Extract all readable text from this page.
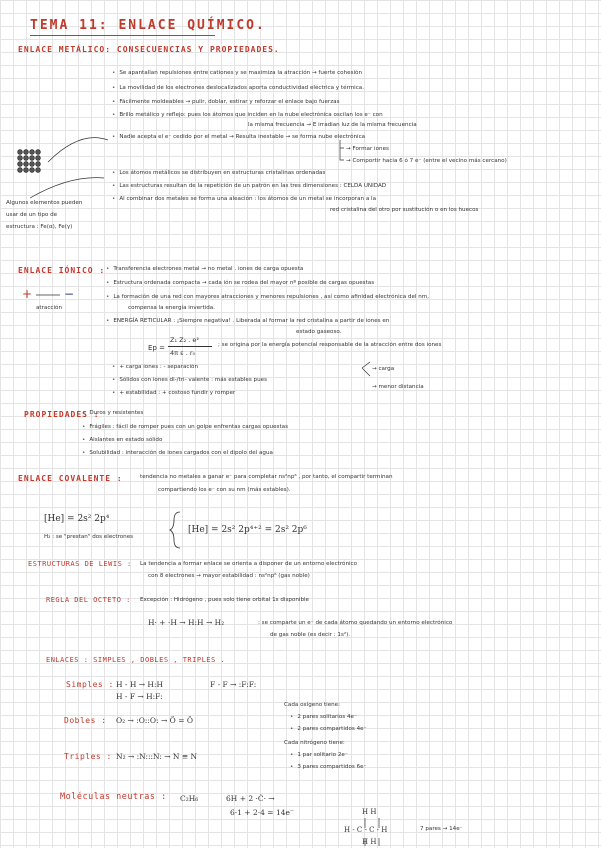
TEMA 11: ENLACE QUÍMICO.
ENLACE METÁLICO: CONSECUENCIAS Y PROPIEDADES.
• Se apantallan repulsiones entre cationes y se maximiza la atracción → fuerte cohesión
• La movilidad de los electrones deslocalizados aporta conductividad eléctrica y térmica.
• Fácilmente moldeables → pulir, doblar, estirar y reforzar el enlace bajo fuerzas
• Brillo metálico y reflejo: pues los átomos que inciden en la nube electrónica oscilan los e⁻ con
la misma frecuencia → E irradian luz de la misma frecuencia
• Nadie acepta el e⁻ cedido por el metal → Resulta inestable → se forma nube electrónica
→ Formar iones
→ Comportir hacia 6 ó 7 e⁻ (entre el vecino más cercano)
• Los átomos metálicos se distribuyen en estructuras cristalinas ordenadas
• Las estructuras resultan de la repetición de un patrón en las tres dimensiones : CELDA UNIDAD
• Al combinar dos metales se forma una aleación : los átomos de un metal se incorporan a la
red cristalina del otro por sustitución o en los huecos
Algunos elementos pueden
usar de un tipo de
estructura : Fe(α), Fe(γ)
+	−
ENLACE IÓNICO :
atracción
• Transferencia electrones metal → no metal . iones de carga opuesta
• Estructura ordenada compacta → cada ión se rodea del mayor nº posible de cargas opuestas
• La formación de una red con mayores atracciones y menores repulsiones , así como afinidad electrónica del nm,
compensa la energía invertida.
• ENERGÍA RETICULAR : ¡Siempre negativa! . Liberada al formar la red cristalina a partir de iones en
estado gaseoso.
Ep =
Z₁ Z₂ . e²
4π ε . r₀
; se origina por la energía potencial responsable de la atracción entre dos iones
• + carga iones : - separación
• Sólidos con iones di-/tri- valente : más estables pues
• + estabilidad : + costoso fundir y romper
→ carga
→ menor distancia
PROPIEDADES :
• Duros y resistentes
• Frágiles : fácil de romper pues con un golpe enfrentas cargas opuestas
• Aislantes en estado sólido
• Solubilidad : interacción de iones cargados con el dipolo del agua
ENLACE COVALENTE :	tendencia no metales a ganar e⁻ para completar ns²np⁶ , por tanto, el compartir terminan
compartiendo los e⁻ con su nm (más estables).
[He] = 2s² 2p⁴
H₂ : se "prestan" dos electrones
[He] = 2s² 2p⁴⁺² = 2s² 2p⁶
ESTRUCTURAS DE LEWIS : La tendencia a formar enlace se orienta a disponer de un entorno electrónico
con 8 electrones → mayor estabilidad : ns²np⁶ (gas noble)
REGLA DEL OCTETO : Excepción : Hidrógeno , pues solo tiene orbital 1s disponible
H· + ·H → H:H → H₂	: se comparte un e⁻ de cada átomo quedando un entorno electrónico
de gas noble (es decir : 1s²).
ENLACES : SIMPLES , DOBLES , TRIPLES .
Simples : H - H → H:H
H - F → H:F:
F - F → :F:F:
Dobles : O₂ → :O::O: → Ö = Ö
Cada oxígeno tiene:
• 2 pares solitarios 4e⁻
• 2 pares compartidos 4e⁻
Triples : N₂ → :N:::N: → N ≡ N
Cada nitrógeno tiene:
• 1 par solitario 2e⁻
• 3 pares compartidos 6e⁻
Moléculas neutras : C₂H₆	6H + 2 ·Ċ· →
6·1 + 2·4 = 14e⁻	H H
H - C - C - H
H H
7 pares → 14e⁻
